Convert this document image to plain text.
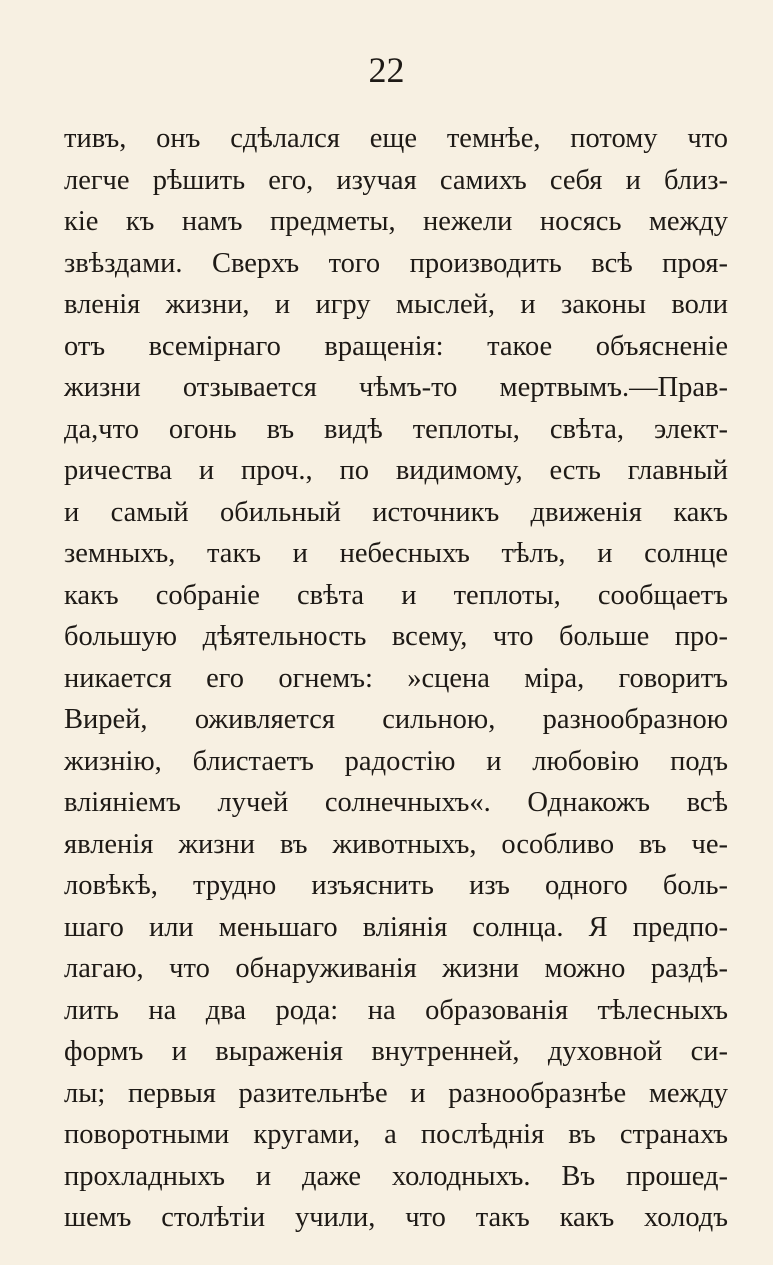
22
тивъ, онъ сдѣлался еще темнѣе, потому что
легче рѣшить его, изучая самихъ себя и близ-
кіе къ намъ предметы, нежели носясь между
звѣздами. Сверхъ того производить всѣ проя-
вленія жизни, и игру мыслей, и законы воли
отъ всемірнаго вращенія: такое объясненіе
жизни отзывается чѣмъ-то мертвымъ.—Прав-
да,что огонь въ видѣ теплоты, свѣта, элект-
ричества и проч., по видимому, есть главный
и самый обильный источникъ движенія какъ
земныхъ, такъ и небесныхъ тѣлъ, и солнце
какъ собраніе свѣта и теплоты, сообщаетъ
большую дѣятельность всему, что больше про-
никается его огнемъ: »сцена міра, говоритъ
Вирей, оживляется сильною, разнообразною
жизнію, блистаетъ радостію и любовію подъ
вліяніемъ лучей солнечныхъ«. Однакожъ всѣ
явленія жизни въ животныхъ, особливо въ че-
ловѣкѣ, трудно изъяснить изъ одного боль-
шаго или меньшаго вліянія солнца. Я предпо-
лагаю, что обнаруживанія жизни можно раздѣ-
лить на два рода: на образованія тѣлесныхъ
формъ и выраженія внутренней, духовной си-
лы; первыя разительнѣе и разнообразнѣе между
поворотными кругами, а послѣднія въ странахъ
прохладныхъ и даже холодныхъ. Въ прошед-
шемъ столѣтіи учили, что такъ какъ холодъ
